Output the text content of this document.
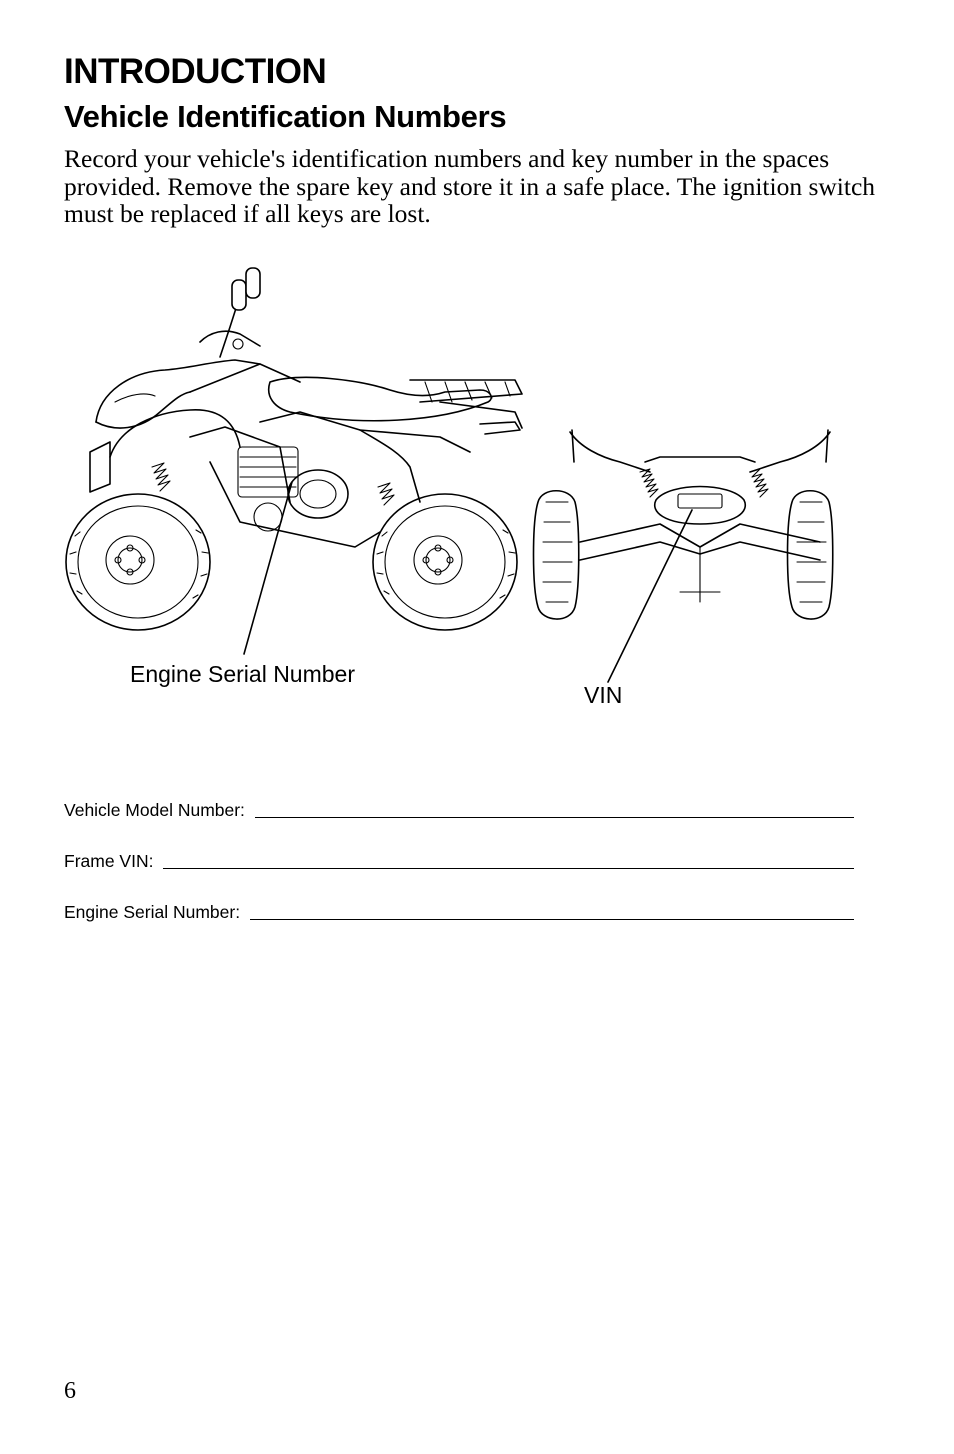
INTRODUCTION
Vehicle Identification Numbers

Record your vehicle's identification numbers and key number in the spaces provided. Remove the spare key and store it in a safe place. The ignition switch must be replaced if all keys are lost.

Engine Serial Number
VIN
Vehicle Model Number:
Frame VIN:
Engine Serial Number:
6
